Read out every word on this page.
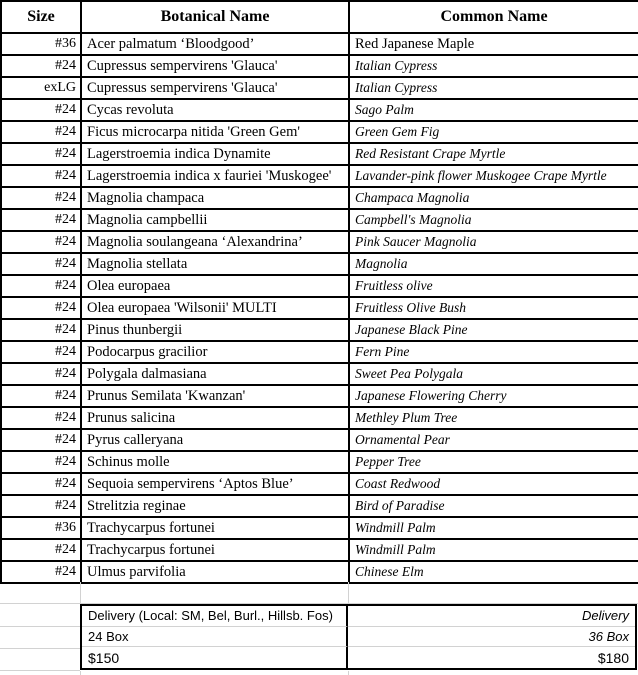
Size	Botanical Name	Common Name
#36	Acer palmatum ‘Bloodgood’	Red Japanese Maple
#24	Cupressus sempervirens 'Glauca'	Italian Cypress
exLG	Cupressus sempervirens 'Glauca'	Italian Cypress
#24	Cycas revoluta	Sago Palm
#24	Ficus microcarpa nitida 'Green Gem'	Green Gem Fig
#24	Lagerstroemia indica Dynamite	Red Resistant Crape Myrtle
#24	Lagerstroemia indica x fauriei 'Muskogee'	Lavander-pink flower Muskogee Crape Myrtle
#24	Magnolia champaca	Champaca Magnolia
#24	Magnolia campbellii	Campbell's Magnolia
#24	Magnolia soulangeana ‘Alexandrina’	Pink Saucer Magnolia
#24	Magnolia stellata	Magnolia
#24	Olea europaea	Fruitless olive
#24	Olea europaea 'Wilsonii' MULTI	Fruitless Olive Bush
#24	Pinus thunbergii	Japanese Black Pine
#24	Podocarpus gracilior	Fern Pine
#24	Polygala dalmasiana	Sweet Pea Polygala
#24	Prunus Semilata 'Kwanzan'	Japanese Flowering Cherry
#24	Prunus salicina	Methley Plum Tree
#24	Pyrus calleryana	Ornamental Pear
#24	Schinus molle	Pepper Tree
#24	Sequoia sempervirens ‘Aptos Blue’	Coast Redwood
#24	Strelitzia reginae	Bird of Paradise
#36	Trachycarpus fortunei	Windmill Palm
#24	Trachycarpus fortunei	Windmill Palm
#24	Ulmus parvifolia	Chinese Elm
Delivery (Local: SM, Bel, Burl., Hillsb. Fos)	Delivery
24 Box	36 Box
$150	$180
